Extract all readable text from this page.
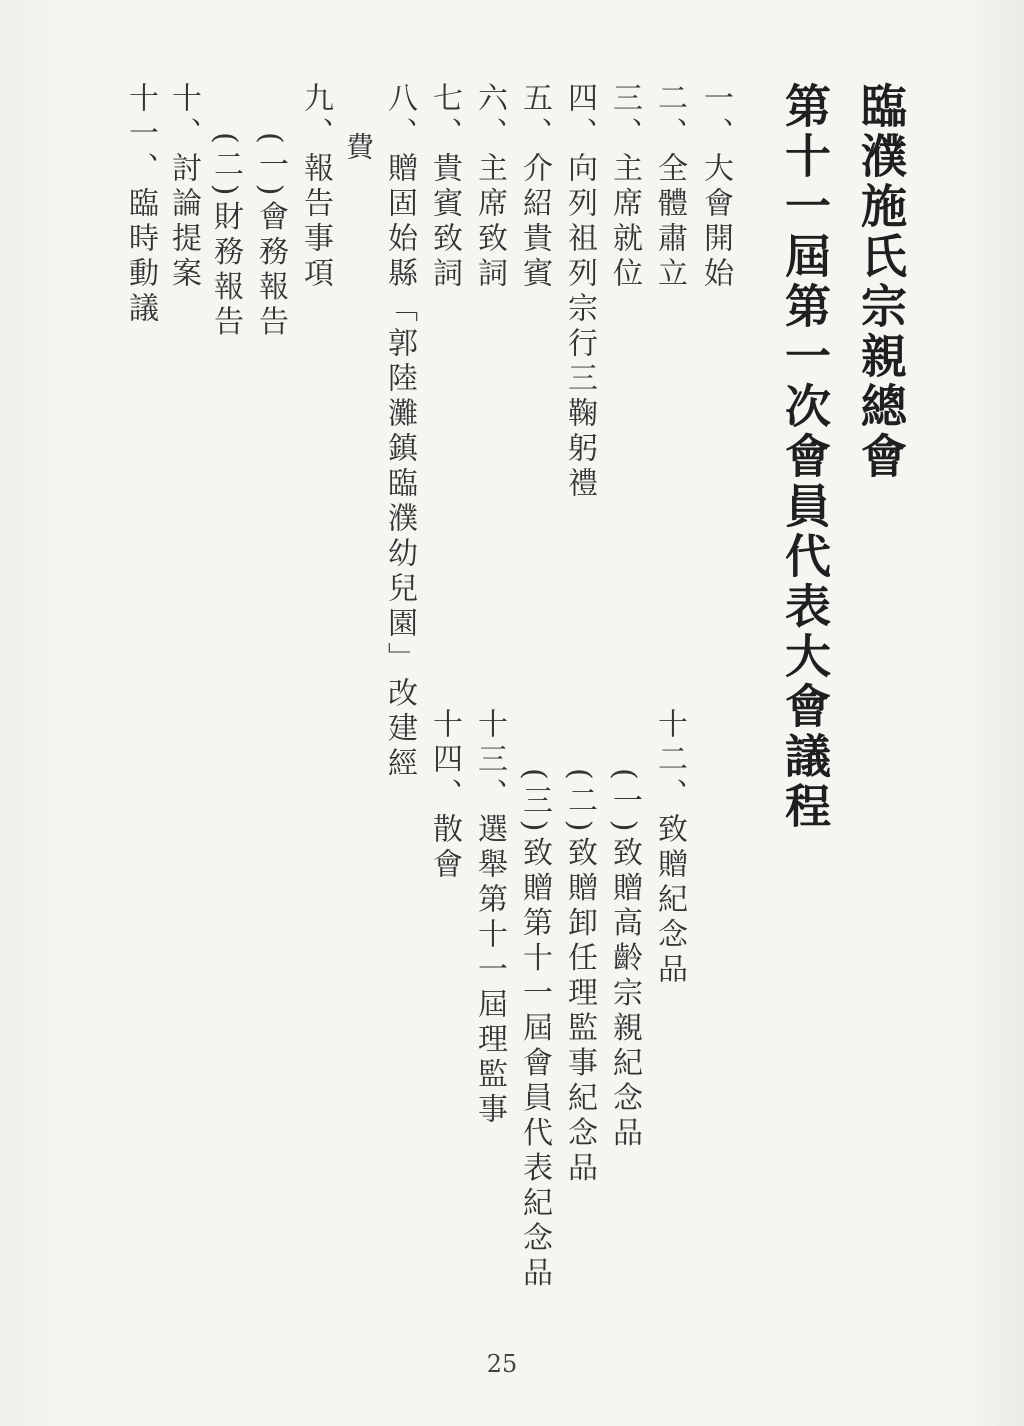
臨濮施氏宗親總會
第十一屆第一次會員代表大會議程
一、大會開始
二、全體肅立
三、主席就位
四、向列祖列宗行三鞠躬禮
五、介紹貴賓
六、主席致詞
七、貴賓致詞
八、贈固始縣「郭陸灘鎮臨濮幼兒園」改建經
費
九、報告事項
(一)會務報告
(二)財務報告
十、討論提案
十一、臨時動議
十二、致贈紀念品
(一)致贈高齡宗親紀念品
(二)致贈卸任理監事紀念品
(三)致贈第十一屆會員代表紀念品
十三、選舉第十一屆理監事
十四、散會
25
